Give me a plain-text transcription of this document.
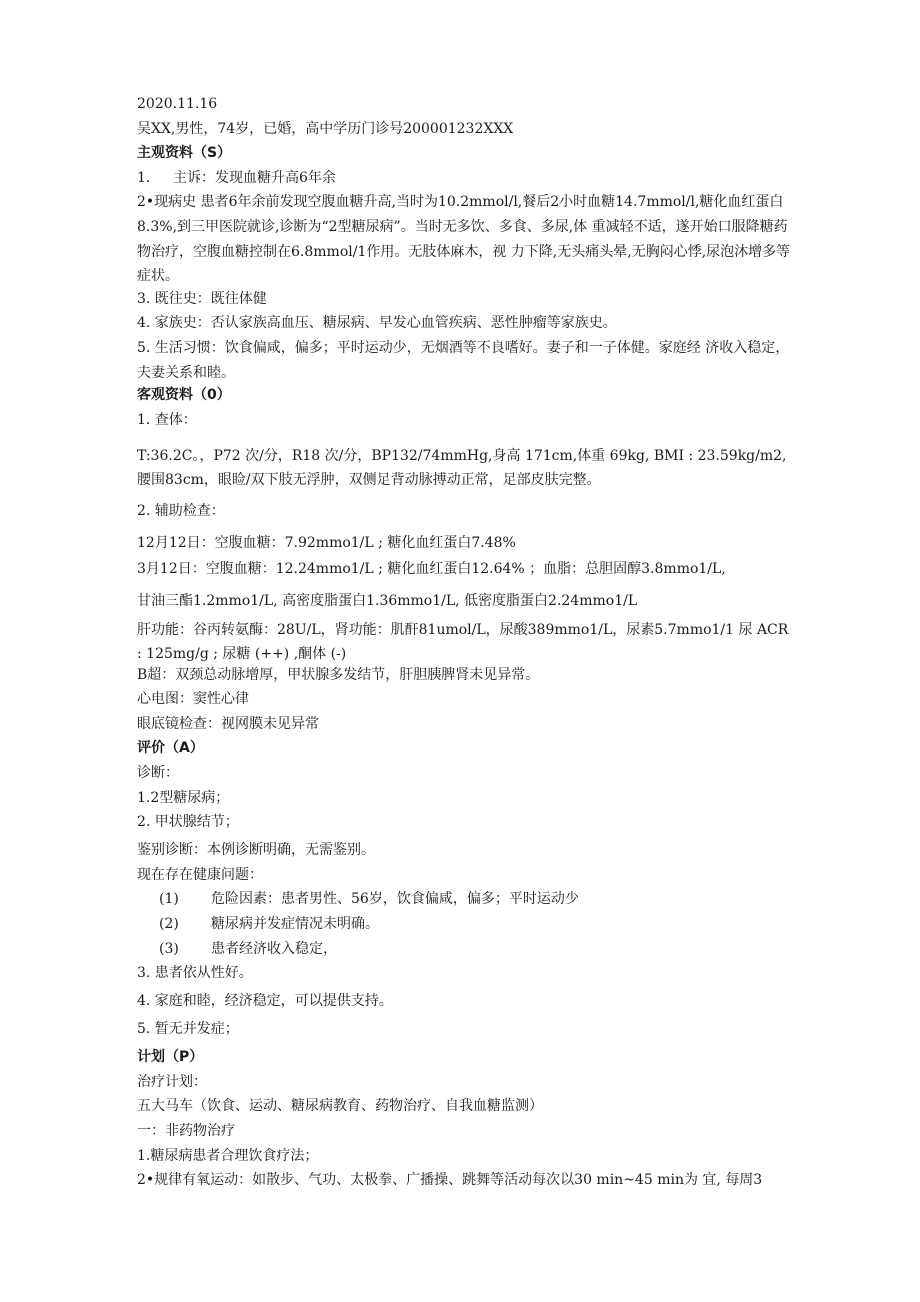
2020.11.16
吴XX,男性，74岁，已婚，高中学历门诊号200001232XXX
主观资料（S）
1. 主诉：发现血糖升高6年余
2•现病史 患者6年余前发现空腹血糖升高,当时为10.2mmol/l,餐后2小时血糖14.7mmol/l,糖化血红蛋白8.3%,到三甲医院就诊,诊断为“2型糖尿病”。当时无多饮、多食、多尿,体 重减轻不适，遂开始口服降糖药物治疗，空腹血糖控制在6.8mmol/1作用。无肢体麻木，视 力下降,无头痛头晕,无胸闷心悸,尿泡沐增多等症状。
3. 既往史：既往体健
4. 家族史：否认家族高血压、糖尿病、早发心血管疾病、恶性肿瘤等家族史。
5. 生活习惯：饮食偏咸，偏多；平时运动少，无烟酒等不良嗜好。妻子和一子体健。家庭经 济收入稳定，夫妻关系和睦。
客观资料（0）
1. 查体：
T:36.2C。，P72 次/分，R18 次/分，BP132/74mmHg,身高 171cm,体重 69kg, BMI : 23.59kg/m2, 腰围83cm，眼睑/双下肢无浮肿，双侧足背动脉搏动正常，足部皮肤完整。
2. 辅助检查：
12月12日：空腹血糖：7.92mmo1/L ; 糖化血红蛋白7.48%
3月12日：空腹血糖：12.24mmo1/L ; 糖化血红蛋白12.64% ；血脂：总胆固醇3.8mmo1/L,
甘油三酯1.2mmo1/L, 高密度脂蛋白1.36mmo1/L, 低密度脂蛋白2.24mmo1/L
肝功能：谷丙转氨酶：28U/L，肾功能：肌酐81umol/L，尿酸389mmo1/L，尿素5.7mmo1/1 尿 ACR : 125mg/g ; 尿糖 (++) ,酮体 (-)
B超：双颈总动脉增厚，甲状腺多发结节，肝胆胰脾肾未见异常。
心电图：窦性心律
眼底镜检查：视网膜未见异常
评价（A）
诊断：
1.2型糖尿病；
2. 甲状腺结节；
鉴别诊断：本例诊断明确，无需鉴别。
现在存在健康问题：
(1) 危险因素：患者男性、56岁，饮食偏咸，偏多；平时运动少
(2) 糖尿病并发症情况未明确。
(3) 患者经济收入稳定，
3. 患者依从性好。
4. 家庭和睦，经济稳定，可以提供支持。
5. 暂无并发症；
计划（P）
治疗计划：
五大马车（饮食、运动、糖尿病教育、药物治疗、自我血糖监测）
一：非药物治疗
1.糖尿病患者合理饮食疗法；
2•规律有氧运动：如散步、气功、太极拳、广播操、跳舞等活动每次以30 min~45 min为 宜, 每周3
